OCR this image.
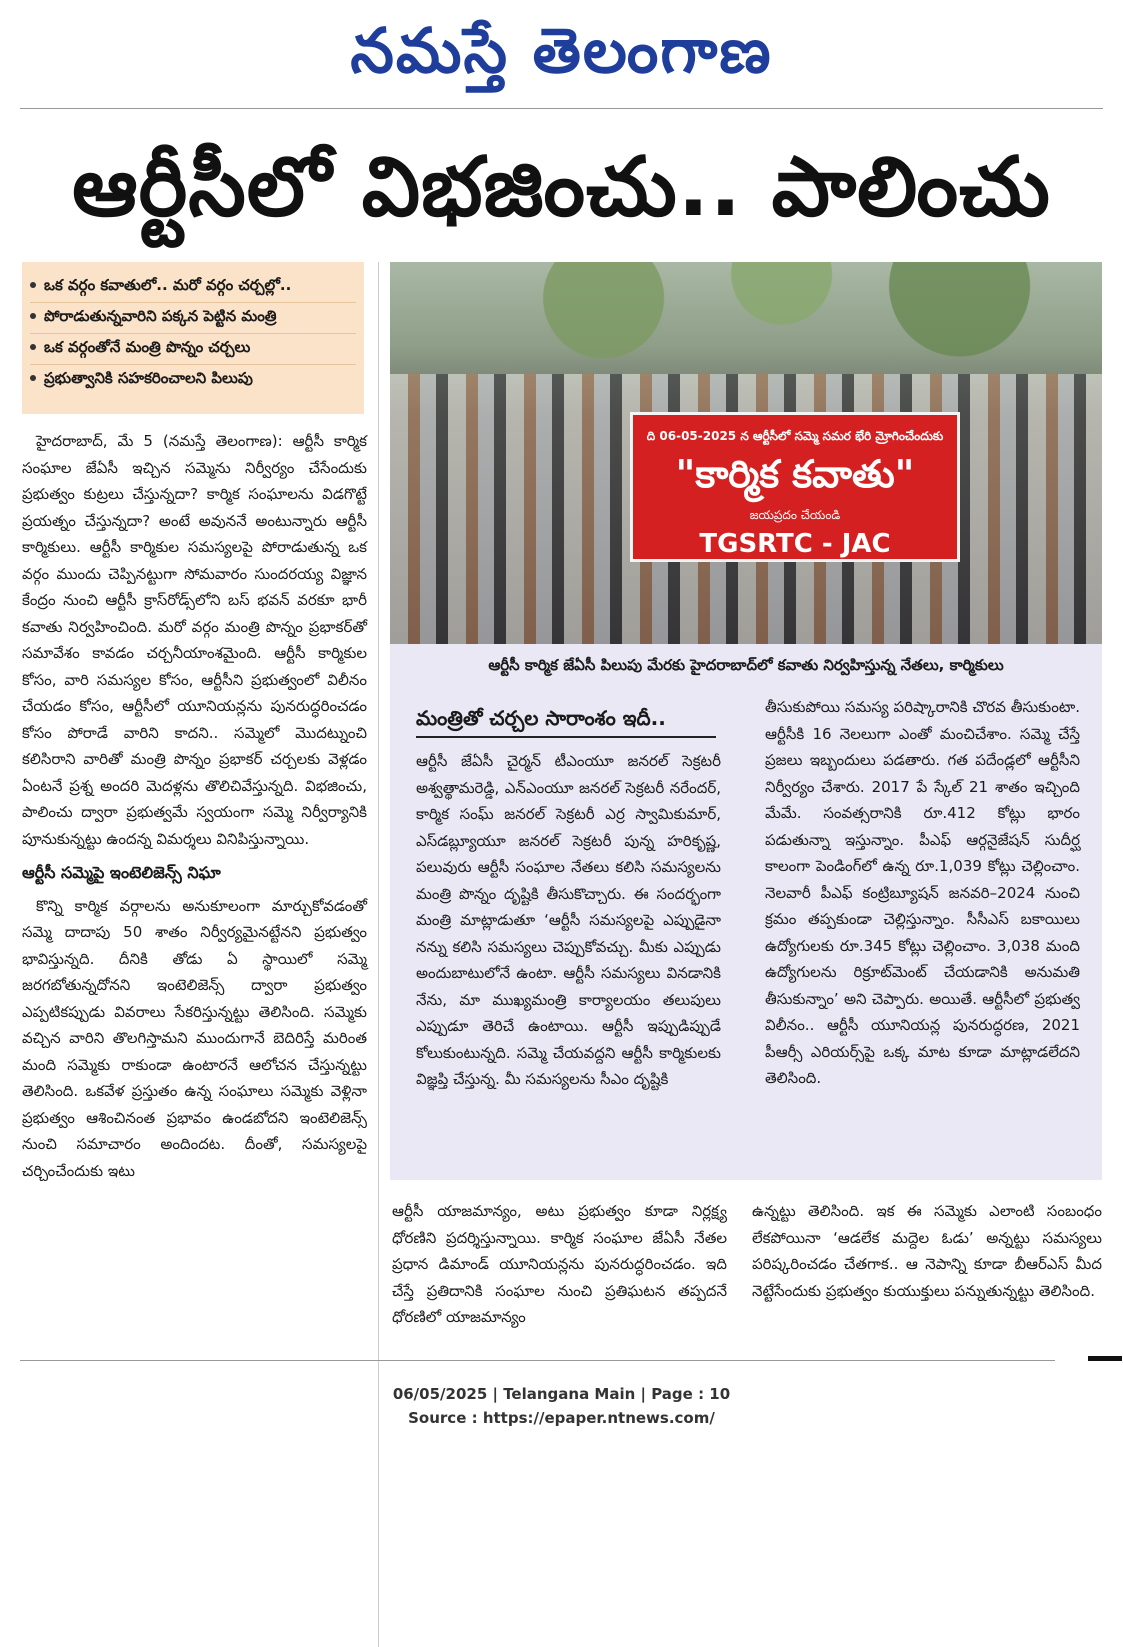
నమస్తే తెలంగాణ
ఆర్టీసీలో విభజించు.. పాలించు
ఒక వర్గం కవాతులో.. మరో వర్గం చర్చల్లో..
పోరాడుతున్నవారిని పక్కన పెట్టిన మంత్రి
ఒక వర్గంతోనే మంత్రి పొన్నం చర్చలు
ప్రభుత్వానికి సహకరించాలని పిలుపు

హైదరాబాద్, మే 5 (నమస్తే తెలంగాణ): ఆర్టీసీ కార్మిక సంఘాల జేఏసీ ఇచ్చిన సమ్మెను నిర్వీర్యం చేసేందుకు ప్రభుత్వం కుట్రలు చేస్తున్నదా? కార్మిక సంఘాలను విడగొట్టే ప్రయత్నం చేస్తున్నదా? అంటే అవుననే అంటున్నారు ఆర్టీసీ కార్మికులు. ఆర్టీసీ కార్మికుల సమస్యలపై పోరాడుతున్న ఒక వర్గం ముందు చెప్పినట్టుగా సోమవారం సుందరయ్య విజ్ఞాన కేంద్రం నుంచి ఆర్టీసీ క్రాస్‌రోడ్స్‌లోని బస్ భవన్ వరకూ భారీ కవాతు నిర్వహించింది. మరో వర్గం మంత్రి పొన్నం ప్రభాకర్‌తో సమావేశం కావడం చర్చనీయాంశమైంది. ఆర్టీసీ కార్మికుల కోసం, వారి సమస్యల కోసం, ఆర్టీసీని ప్రభుత్వంలో విలీనం చేయడం కోసం, ఆర్టీసీలో యూనియన్లను పునరుద్ధరించడం కోసం పోరాడే వారిని కాదని.. సమ్మెలో మొదట్నుంచి కలిసిరాని వారితో మంత్రి పొన్నం ప్రభాకర్ చర్చలకు వెళ్లడం ఏంటనే ప్రశ్న అందరి మెదళ్లను తొలిచివేస్తున్నది. విభజించు, పాలించు ద్వారా ప్రభుత్వమే స్వయంగా సమ్మె నిర్వీర్యానికి పూనుకున్నట్టు ఉందన్న విమర్శలు వినిపిస్తున్నాయి.

ఆర్టీసీ సమ్మెపై ఇంటెలిజెన్స్ నిఘా

కొన్ని కార్మిక వర్గాలను అనుకూలంగా మార్చుకోవడంతో సమ్మె దాదాపు 50 శాతం నిర్వీర్యమైనట్టేనని ప్రభుత్వం భావిస్తున్నది. దీనికి తోడు ఏ స్థాయిలో సమ్మె జరగబోతున్నదోనని ఇంటెలిజెన్స్ ద్వారా ప్రభుత్వం ఎప్పటికప్పుడు వివరాలు సేకరిస్తున్నట్టు తెలిసింది. సమ్మెకు వచ్చిన వారిని తొలగిస్తామని ముందుగానే బెదిరిస్తే మరింత మంది సమ్మెకు రాకుండా ఉంటారనే ఆలోచన చేస్తున్నట్టు తెలిసింది. ఒకవేళ ప్రస్తుతం ఉన్న సంఘాలు సమ్మెకు వెళ్లినా ప్రభుత్వం ఆశించినంత ప్రభావం ఉండబోదని ఇంటెలిజెన్స్ నుంచి సమాచారం అందిందట. దీంతో, సమస్యలపై చర్చించేందుకు ఇటు

ది 06-05-2025 న ఆర్టీసీలో సమ్మె సమర భేరి మ్రోగించేందుకు
"కార్మిక కవాతు"
జయప్రదం చేయండి
TGSRTC - JAC
ఆర్టీసీ కార్మిక జేఏసీ పిలుపు మేరకు హైదరాబాద్‌లో కవాతు నిర్వహిస్తున్న నేతలు, కార్మికులు
మంత్రితో చర్చల సారాంశం ఇదీ..
ఆర్టీసీ జేఏసీ చైర్మన్ టీఎంయూ జనరల్ సెక్రటరీ అశ్వత్థామరెడ్డి, ఎన్‌ఎంయూ జనరల్ సెక్రటరీ నరేందర్, కార్మిక సంఘ్ జనరల్ సెక్రటరీ ఎర్ర స్వామికుమార్, ఎస్‌డబ్ల్యూయూ జనరల్ సెక్రటరీ పున్న హరికృష్ణ, పలువురు ఆర్టీసీ సంఘాల నేతలు కలిసి సమస్యలను మంత్రి పొన్నం దృష్టికి తీసుకొచ్చారు. ఈ సందర్భంగా మంత్రి మాట్లాడుతూ ‘ఆర్టీసీ సమస్యలపై ఎప్పుడైనా నన్ను కలిసి సమస్యలు చెప్పుకోవచ్చు. మీకు ఎప్పుడు అందుబాటులోనే ఉంటా. ఆర్టీసీ సమస్యలు వినడానికి నేను, మా ముఖ్యమంత్రి కార్యాలయం తలుపులు ఎప్పుడూ తెరిచే ఉంటాయి. ఆర్టీసీ ఇప్పుడిప్పుడే కోలుకుంటున్నది. సమ్మె చేయవద్దని ఆర్టీసీ కార్మికులకు విజ్ఞప్తి చేస్తున్న. మీ సమస్యలను సీఎం దృష్టికి
తీసుకుపోయి సమస్య పరిష్కారానికి చొరవ తీసుకుంటా. ఆర్టీసీకి 16 నెలలుగా ఎంతో మంచిచేశాం. సమ్మె చేస్తే ప్రజలు ఇబ్బందులు పడతారు. గత పదేండ్లలో ఆర్టీసీని నిర్వీర్యం చేశారు. 2017 పే స్కేల్ 21 శాతం ఇచ్చింది మేమే. సంవత్సరానికి రూ.412 కోట్లు భారం పడుతున్నా ఇస్తున్నాం. పీఎఫ్ ఆర్గనైజేషన్ సుదీర్ఘ కాలంగా పెండింగ్‌లో ఉన్న రూ.1,039 కోట్లు చెల్లించాం. నెలవారీ పీఎఫ్ కంట్రిబ్యూషన్ జనవరి–2024 నుంచి క్రమం తప్పకుండా చెల్లిస్తున్నాం. సీసీఎస్ బకాయిలు ఉద్యోగులకు రూ.345 కోట్లు చెల్లించాం. 3,038 మంది ఉద్యోగులను రిక్రూట్‌మెంట్ చేయడానికి అనుమతి తీసుకున్నాం’ అని చెప్పారు. అయితే. ఆర్టీసీలో ప్రభుత్వ విలీనం.. ఆర్టీసీ యూనియన్ల పునరుద్ధరణ, 2021 పీఆర్సీ ఎరియర్స్‌పై ఒక్క మాట కూడా మాట్లాడలేదని తెలిసింది.
ఆర్టీసీ యాజమాన్యం, అటు ప్రభుత్వం కూడా నిర్లక్ష్య ధోరణిని ప్రదర్శిస్తున్నాయి. కార్మిక సంఘాల జేఏసీ నేతల ప్రధాన డిమాండ్ యూనియన్లను పునరుద్ధరించడం. ఇది చేస్తే ప్రతిదానికి సంఘాల నుంచి ప్రతిఘటన తప్పదనే ధోరణిలో యాజమాన్యం
ఉన్నట్టు తెలిసింది. ఇక ఈ సమ్మెకు ఎలాంటి సంబంధం లేకపోయినా ‘ఆడలేక మద్దెల ఓడు’ అన్నట్టు సమస్యలు పరిష్కరించడం చేతగాక.. ఆ నెపాన్ని కూడా బీఆర్‌ఎస్ మీద నెట్టేసేందుకు ప్రభుత్వం కుయుక్తులు పన్నుతున్నట్టు తెలిసింది.
06/05/2025 | Telangana Main | Page : 10
Source : https://epaper.ntnews.com/
